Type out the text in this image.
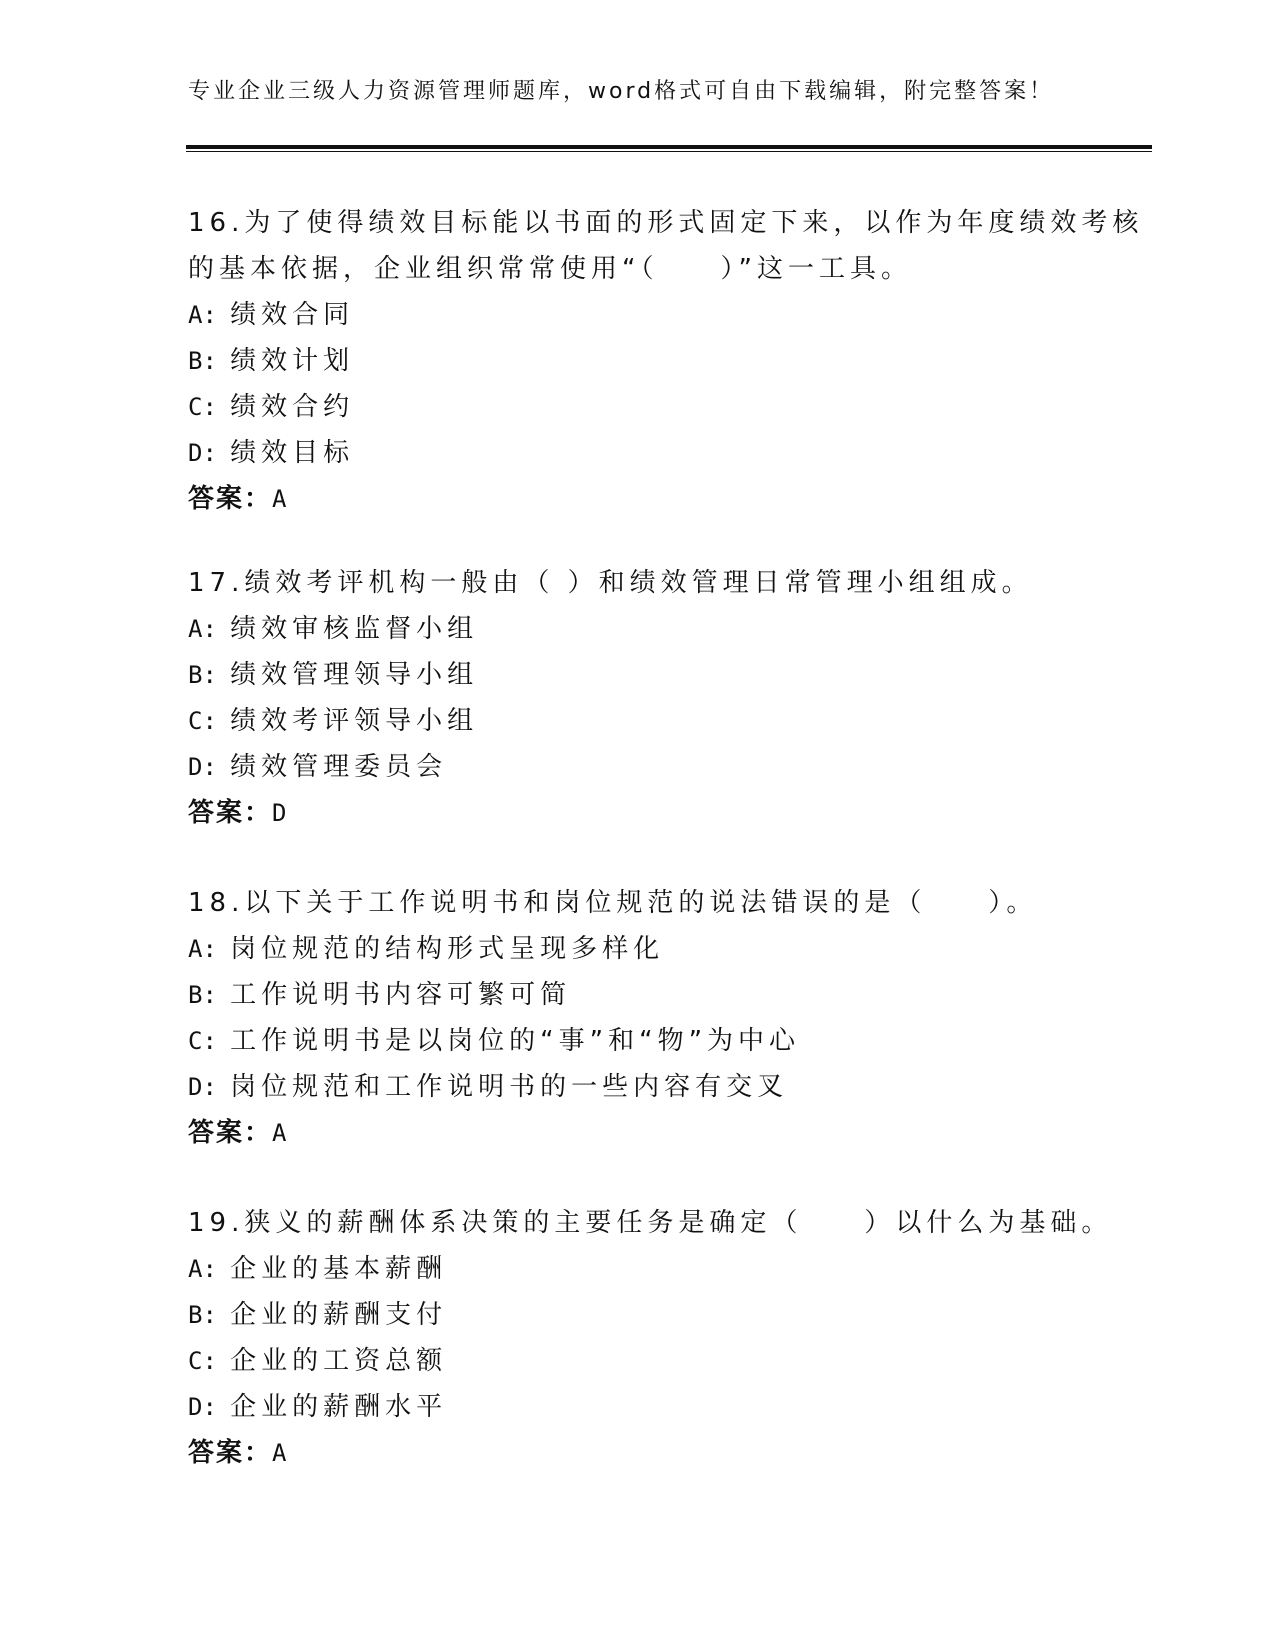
专业企业三级人力资源管理师题库，word格式可自由下载编辑，附完整答案！
16.为了使得绩效目标能以书面的形式固定下来，以作为年度绩效考核
的基本依据，企业组织常常使用“（　　）”这一工具。
A: 绩效合同
B: 绩效计划
C: 绩效合约
D: 绩效目标
答案：A
17.绩效考评机构一般由（ ）和绩效管理日常管理小组组成。
A: 绩效审核监督小组
B: 绩效管理领导小组
C: 绩效考评领导小组
D: 绩效管理委员会
答案：D
18.以下关于工作说明书和岗位规范的说法错误的是（　　）。
A: 岗位规范的结构形式呈现多样化
B: 工作说明书内容可繁可简
C: 工作说明书是以岗位的“事”和“物”为中心
D: 岗位规范和工作说明书的一些内容有交叉
答案：A
19.狭义的薪酬体系决策的主要任务是确定（　　）以什么为基础。
A: 企业的基本薪酬
B: 企业的薪酬支付
C: 企业的工资总额
D: 企业的薪酬水平
答案：A
